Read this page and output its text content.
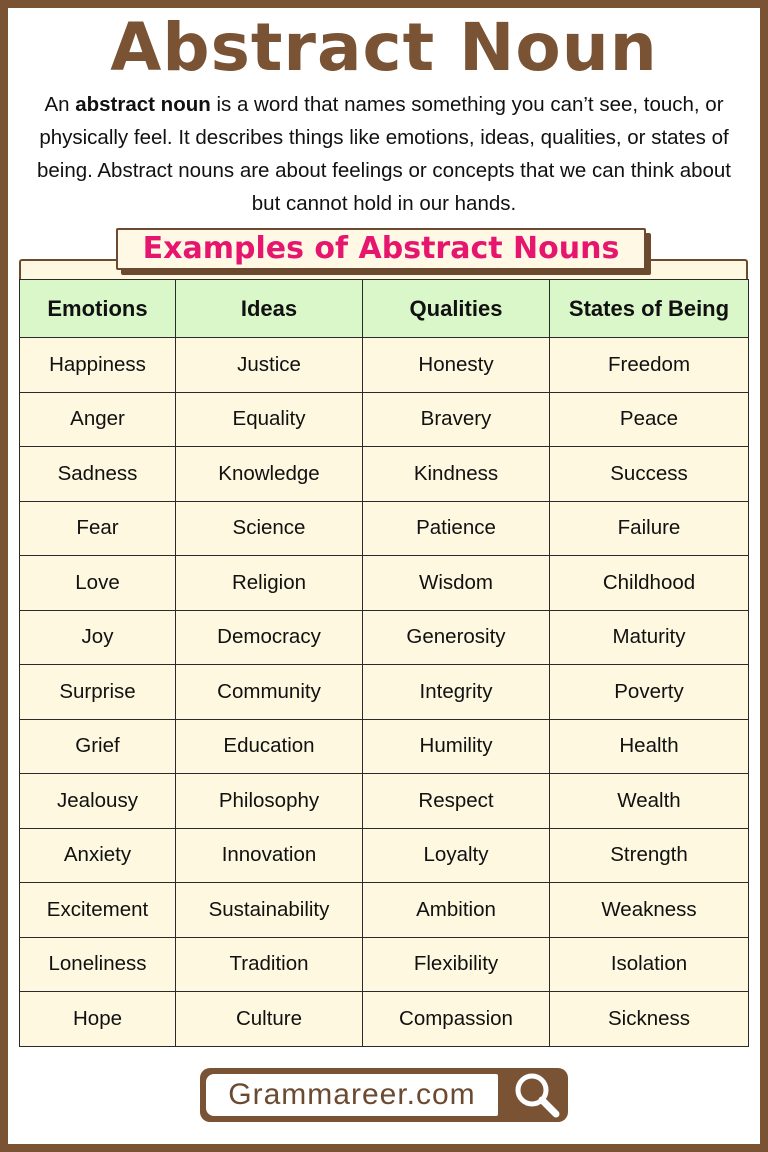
Abstract Noun
An abstract noun is a word that names something you can’t see, touch, or physically feel. It describes things like emotions, ideas, qualities, or states of being. Abstract nouns are about feelings or concepts that we can think about but cannot hold in our hands.
Emotions	Ideas	Qualities	States of Being
Happiness	Justice	Honesty	Freedom
Anger	Equality	Bravery	Peace
Sadness	Knowledge	Kindness	Success
Fear	Science	Patience	Failure
Love	Religion	Wisdom	Childhood
Joy	Democracy	Generosity	Maturity
Surprise	Community	Integrity	Poverty
Grief	Education	Humility	Health
Jealousy	Philosophy	Respect	Wealth
Anxiety	Innovation	Loyalty	Strength
Excitement	Sustainability	Ambition	Weakness
Loneliness	Tradition	Flexibility	Isolation
Hope	Culture	Compassion	Sickness
Examples of Abstract Nouns
Grammareer.com
